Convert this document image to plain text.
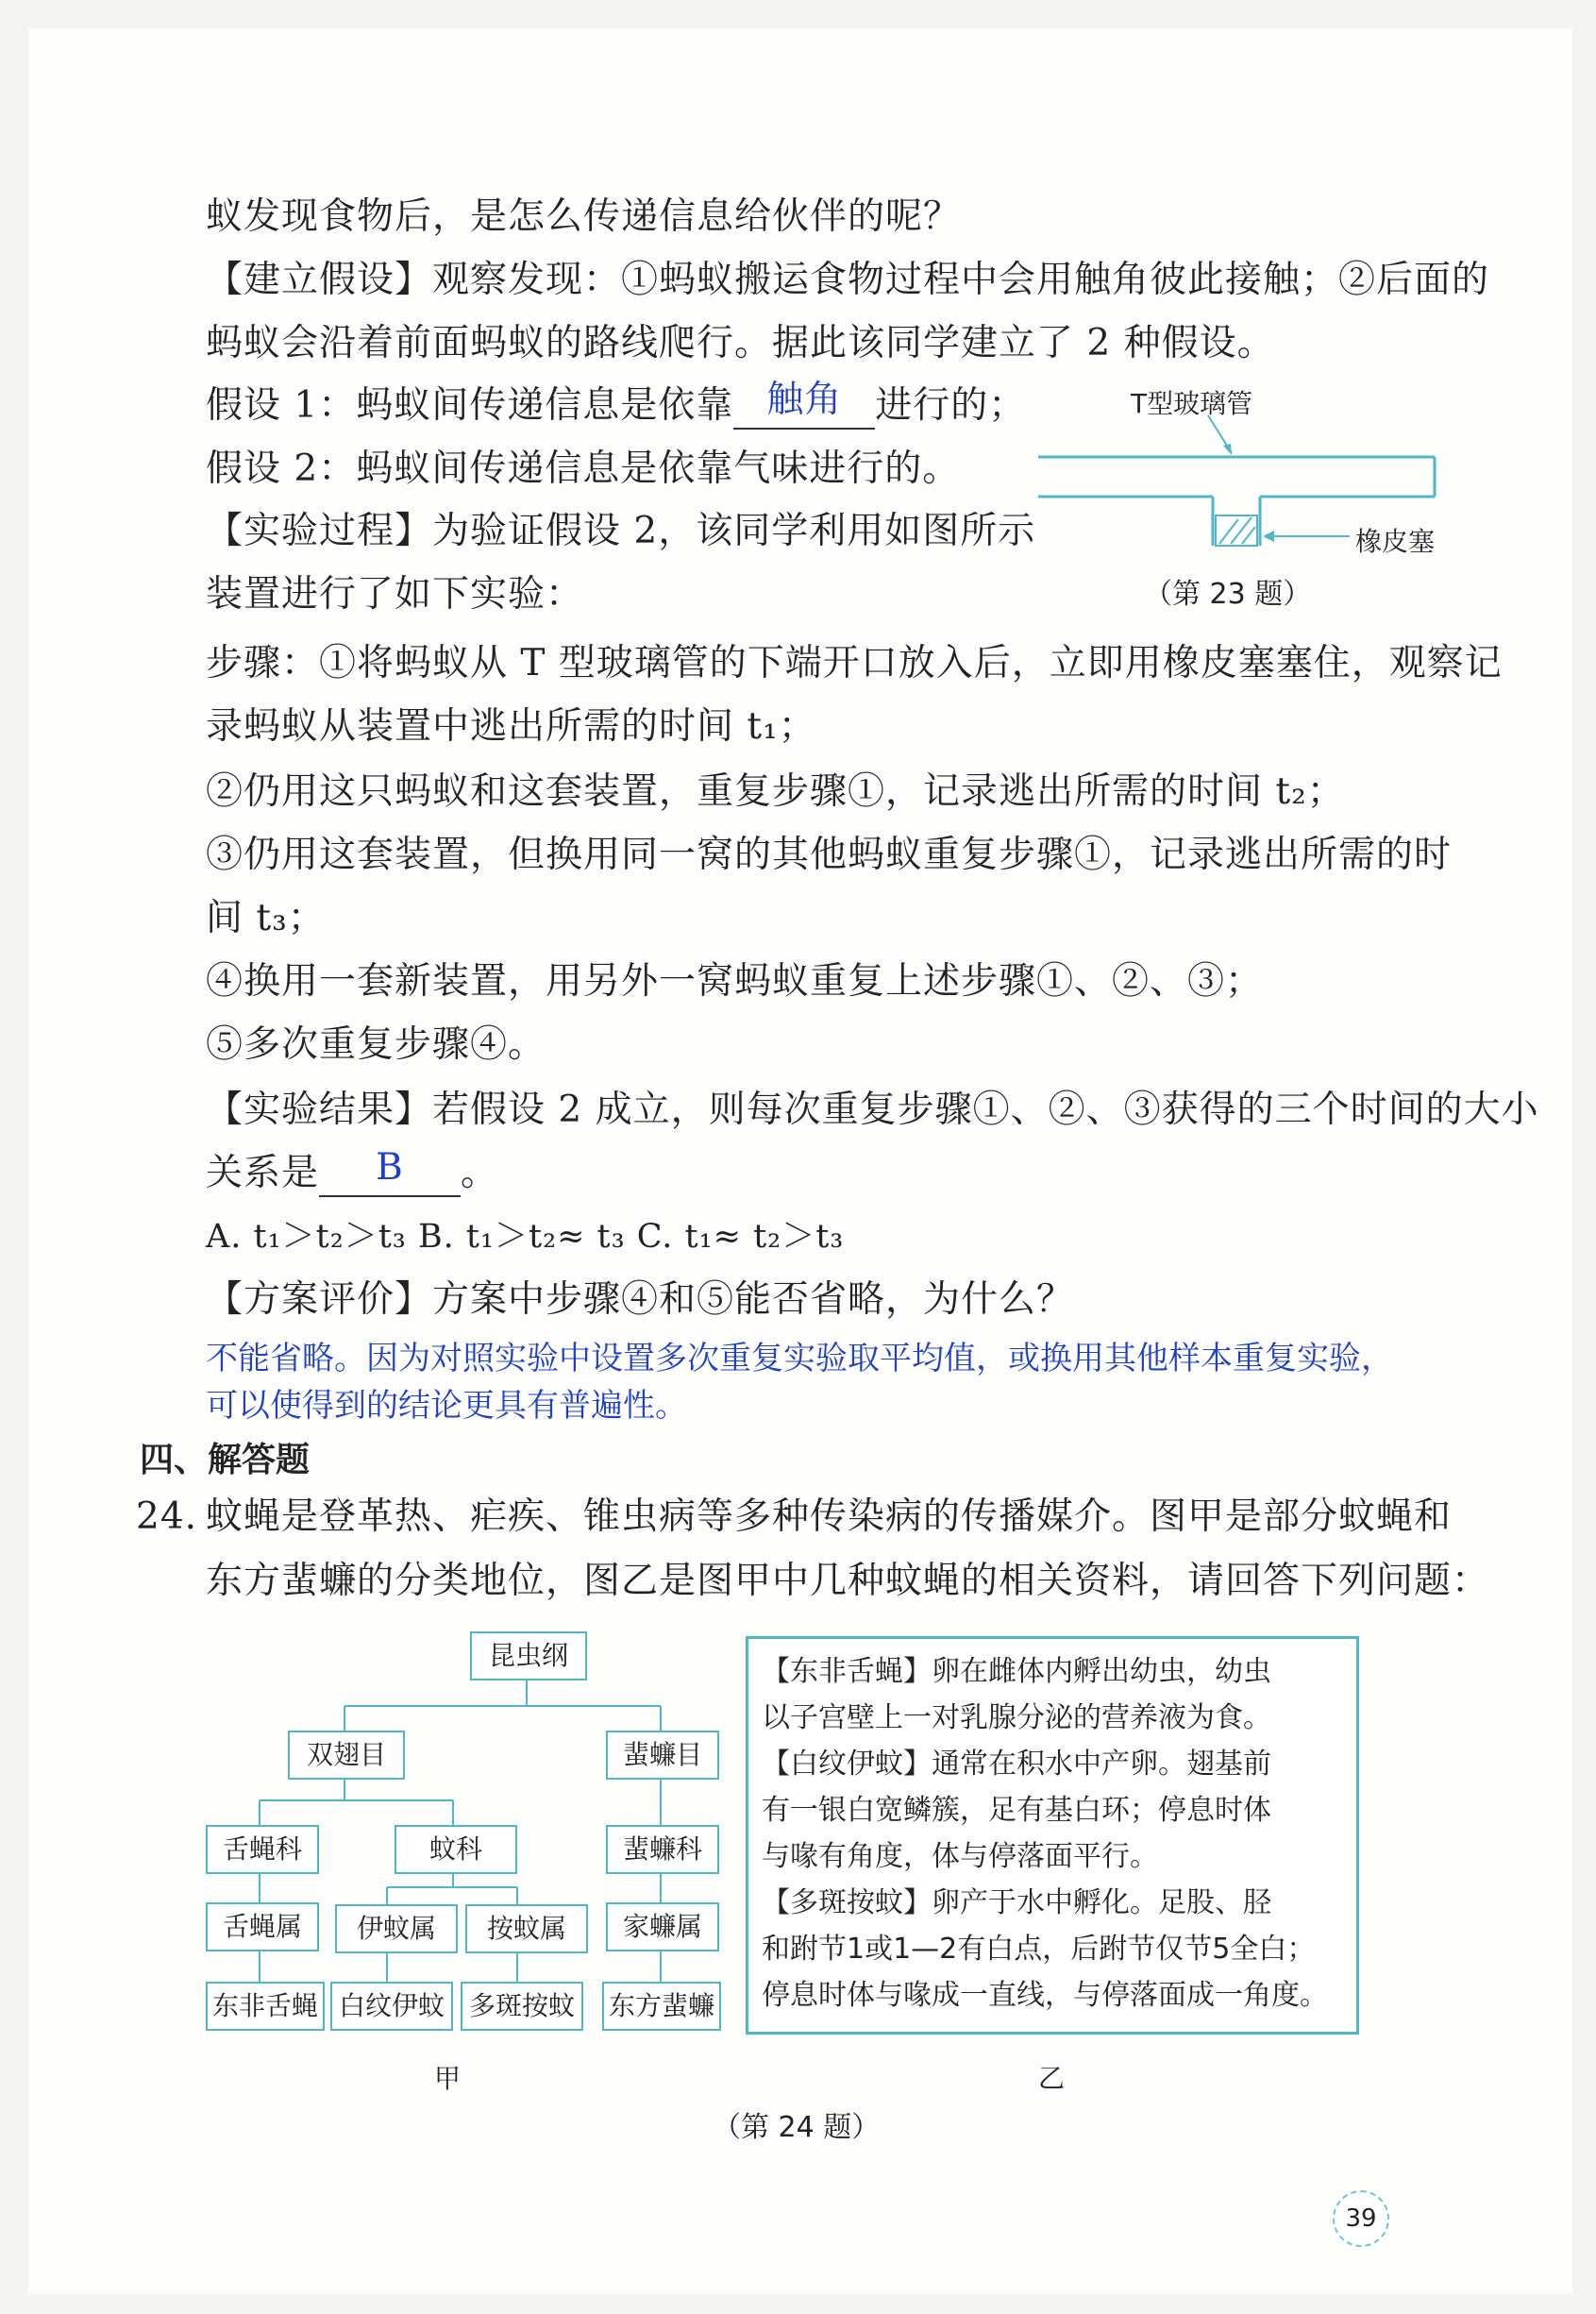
蚁发现食物后，是怎么传递信息给伙伴的呢？
【建立假设】观察发现：①蚂蚁搬运食物过程中会用触角彼此接触；②后面的
蚂蚁会沿着前面蚂蚁的路线爬行。据此该同学建立了 2 种假设。
假设 1：蚂蚁间传递信息是依靠 触角 进行的；
假设 2：蚂蚁间传递信息是依靠气味进行的。
【实验过程】为验证假设 2，该同学利用如图所示
装置进行了如下实验：
T型玻璃管
橡皮塞
（第 23 题）
步骤：①将蚂蚁从 T 型玻璃管的下端开口放入后，立即用橡皮塞塞住，观察记
录蚂蚁从装置中逃出所需的时间 t₁；
②仍用这只蚂蚁和这套装置，重复步骤①，记录逃出所需的时间 t₂；
③仍用这套装置，但换用同一窝的其他蚂蚁重复步骤①，记录逃出所需的时
间 t₃；
④换用一套新装置，用另外一窝蚂蚁重复上述步骤①、②、③；
⑤多次重复步骤④。
【实验结果】若假设 2 成立，则每次重复步骤①、②、③获得的三个时间的大小
关系是	B	。
A. t₁＞t₂＞t₃ B. t₁＞t₂≈ t₃ C. t₁≈ t₂＞t₃
【方案评价】方案中步骤④和⑤能否省略，为什么？
不能省略。因为对照实验中设置多次重复实验取平均值，或换用其他样本重复实验，
可以使得到的结论更具有普遍性。
四、解答题
24. 蚊蝇是登革热、疟疾、锥虫病等多种传染病的传播媒介。图甲是部分蚊蝇和
东方蜚蠊的分类地位，图乙是图甲中几种蚊蝇的相关资料，请回答下列问题：
昆虫纲
双翅目	蜚蠊目
舌蝇科	蚊科	蜚蠊科
舌蝇属	伊蚊属	按蚊属	家蠊属
东非舌蝇 白纹伊蚊 多斑按蚊	东方蜚蠊
甲
【东非舌蝇】卵在雌体内孵出幼虫，幼虫
以子宫壁上一对乳腺分泌的营养液为食。
【白纹伊蚊】通常在积水中产卵。翅基前
有一银白宽鳞簇，足有基白环；停息时体
与喙有角度，体与停落面平行。
【多斑按蚊】卵产于水中孵化。足股、胫
和跗节1或1—2有白点，后跗节仅节5全白；
停息时体与喙成一直线，与停落面成一角度。
乙
（第 24 题）
39
